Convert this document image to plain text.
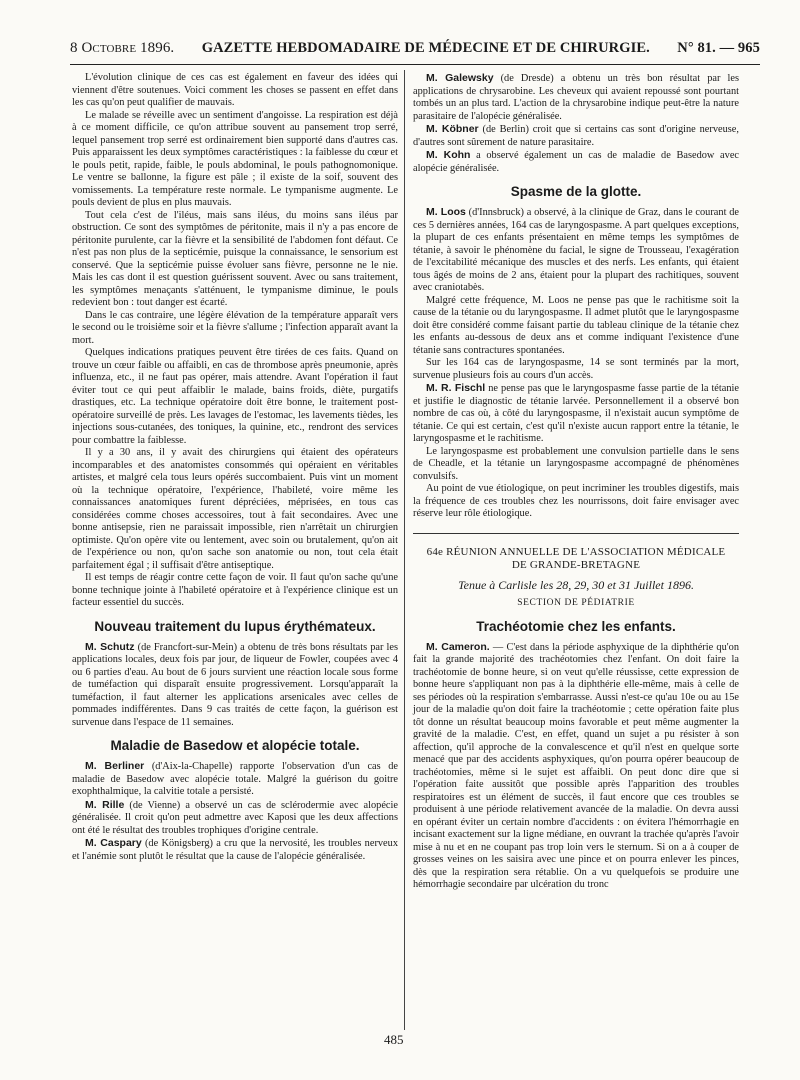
8 Octobre 1896. GAZETTE HEBDOMADAIRE DE MÉDECINE ET DE CHIRURGIE. N° 81. — 965

L'évolution clinique de ces cas est également en faveur des idées qui viennent d'être soutenues. Voici comment les choses se passent en effet dans les cas qu'on peut qualifier de mauvais.

Le malade se réveille avec un sentiment d'angoisse. La respiration est déjà à ce moment difficile, ce qu'on attribue souvent au pansement trop serré, lequel pansement trop serré est ordinairement bien supporté dans d'autres cas. Puis apparaissent les deux symptômes caractéristiques : la faiblesse du cœur et le pouls petit, rapide, faible, le pouls abdominal, le pouls pathognomonique. Le ventre se ballonne, la figure est pâle ; il existe de la soif, souvent des vomissements. La température reste normale. Le tympanisme augmente. Le pouls devient de plus en plus mauvais.

Tout cela c'est de l'iléus, mais sans iléus, du moins sans iléus par obstruction. Ce sont des symptômes de péritonite, mais il n'y a pas encore de péritonite purulente, car la fièvre et la sensibilité de l'abdomen font défaut. Ce n'est pas non plus de la septicémie, puisque la connaissance, le sensorium est conservé. Que la septicémie puisse évoluer sans fièvre, personne ne le nie. Mais les cas dont il est question guérissent souvent. Avec ou sans traitement, les symptômes menaçants s'atténuent, le tympanisme diminue, le pouls redevient bon : tout danger est écarté.

Dans le cas contraire, une légère élévation de la température apparaît vers le second ou le troisième soir et la fièvre s'allume ; l'infection apparaît avant la mort.

Quelques indications pratiques peuvent être tirées de ces faits. Quand on trouve un cœur faible ou affaibli, en cas de thrombose après pneumonie, après influenza, etc., il ne faut pas opérer, mais attendre. Avant l'opération il faut éviter tout ce qui peut affaiblir le malade, bains froids, diète, purgatifs drastiques, etc. La technique opératoire doit être bonne, le traitement post-opératoire surveillé de près. Les lavages de l'estomac, les lavements tièdes, les injections sous-cutanées, des toniques, la quinine, etc., rendront des services pour combattre la faiblesse.

Il y a 30 ans, il y avait des chirurgiens qui étaient des opérateurs incomparables et des anatomistes consommés qui opéraient en véritables artistes, et malgré cela tous leurs opérés succombaient. Puis vint un moment où la technique opératoire, l'expérience, l'habileté, voire même les connaissances anatomiques furent dépréciées, méprisées, en tous cas considérées comme choses accessoires, tout à fait secondaires. Avec une bonne antisepsie, rien ne paraissait impossible, rien n'arrêtait un chirurgien optimiste. Qu'on opère vite ou lentement, avec soin ou brutalement, qu'on ait de l'expérience ou non, qu'on sache son anatomie ou non, tout cela était parfaitement égal ; il suffisait d'être antiseptique.

Il est temps de réagir contre cette façon de voir. Il faut qu'on sache qu'une bonne technique jointe à l'habileté opératoire et à l'expérience clinique est un facteur essentiel du succès.

Nouveau traitement du lupus érythémateux.

M. Schutz (de Francfort-sur-Mein) a obtenu de très bons résultats par les applications locales, deux fois par jour, de liqueur de Fowler, coupées avec 4 ou 6 parties d'eau. Au bout de 6 jours survient une réaction locale sous forme de tuméfaction qui disparaît ensuite progressivement. Lorsqu'apparaît la tuméfaction, il faut alterner les applications arsenicales avec celles de pommades indifférentes. Dans 9 cas traités de cette façon, la guérison est survenue dans l'espace de 11 semaines.

Maladie de Basedow et alopécie totale.

M. Berliner (d'Aix-la-Chapelle) rapporte l'observation d'un cas de maladie de Basedow avec alopécie totale. Malgré la guérison du goitre exophthalmique, la calvitie totale a persisté.

M. Rille (de Vienne) a observé un cas de sclérodermie avec alopécie généralisée. Il croit qu'on peut admettre avec Kaposi que les deux affections ont été le résultat des troubles trophiques d'origine centrale.

M. Caspary (de Königsberg) a cru que la nervosité, les troubles nerveux et l'anémie sont plutôt le résultat que la cause de l'alopécie généralisée.

M. Galewsky (de Dresde) a obtenu un très bon résultat par les applications de chrysarobine. Les cheveux qui avaient repoussé sont pourtant tombés un an plus tard. L'action de la chrysarobine indique peut-être la nature parasitaire de l'alopécie généralisée.

M. Köbner (de Berlin) croit que si certains cas sont d'origine nerveuse, d'autres sont sûrement de nature parasitaire.

M. Kohn a observé également un cas de maladie de Basedow avec alopécie généralisée.

Spasme de la glotte.

M. Loos (d'Innsbruck) a observé, à la clinique de Graz, dans le courant de ces 5 dernières années, 164 cas de laryngospasme. A part quelques exceptions, la plupart de ces enfants présentaient en même temps les symptômes de tétanie, à savoir le phénomène du facial, le signe de Trousseau, l'exagération de l'excitabilité mécanique des muscles et des nerfs. Les enfants, qui étaient tous âgés de moins de 2 ans, étaient pour la plupart des rachitiques, souvent avec craniotabès.

Malgré cette fréquence, M. Loos ne pense pas que le rachitisme soit la cause de la tétanie ou du laryngospasme. Il admet plutôt que le laryngospasme doit être considéré comme faisant partie du tableau clinique de la tétanie chez les enfants au-dessous de deux ans et comme indiquant l'existence d'une tétanie sans contractures spontanées.

Sur les 164 cas de laryngospasme, 14 se sont terminés par la mort, survenue plusieurs fois au cours d'un accès.

M. R. Fischl ne pense pas que le laryngospasme fasse partie de la tétanie et justifie le diagnostic de tétanie larvée. Personnellement il a observé bon nombre de cas où, à côté du laryngospasme, il n'existait aucun symptôme de tétanie. Ce qui est certain, c'est qu'il n'existe aucun rapport entre la tétanie, le laryngospasme et le rachitisme.

Le laryngospasme est probablement une convulsion partielle dans le sens de Cheadle, et la tétanie un laryngospasme accompagné de phénomènes convulsifs.

Au point de vue étiologique, on peut incriminer les troubles digestifs, mais la fréquence de ces troubles chez les nourrissons, doit faire envisager avec réserve leur rôle étiologique.

64e RÉUNION ANNUELLE DE L'ASSOCIATION MÉDICALE
DE GRANDE-BRETAGNE
Tenue à Carlisle les 28, 29, 30 et 31 Juillet 1896.
SECTION DE PÉDIATRIE
Trachéotomie chez les enfants.

M. Cameron. — C'est dans la période asphyxique de la diphthérie qu'on fait la grande majorité des trachéotomies chez l'enfant. On doit faire la trachéotomie de bonne heure, si on veut qu'elle réussisse, cette expression de bonne heure s'appliquant non pas à la diphthérie elle-même, mais à celle de ses périodes où la respiration s'embarrasse. Aussi n'est-ce qu'au 10e ou au 15e jour de la maladie qu'on doit faire la trachéotomie ; cette opération faite plus tôt donne un résultat beaucoup moins favorable et peut même augmenter la gravité de la maladie. C'est, en effet, quand un sujet a pu résister à son affection, qu'il approche de la convalescence et qu'il n'est en quelque sorte menacé que par des accidents asphyxiques, qu'on pourra opérer beaucoup de trachéotomies, même si le sujet est affaibli. On peut donc dire que si l'opération faite aussitôt que possible après l'apparition des troubles respiratoires est un élément de succès, il faut encore que ces troubles se produisent à une période relativement avancée de la maladie. On devra aussi en opérant éviter un certain nombre d'accidents : on évitera l'hémorrhagie en incisant exactement sur la ligne médiane, en ouvrant la trachée qu'après l'avoir mise à nu et en ne coupant pas trop loin vers le sternum. Si on a à couper de grosses veines on les saisira avec une pince et on pourra enlever les pinces, dès que la respiration sera rétablie. On a vu quelquefois se produire une hémorrhagie secondaire par ulcération du tronc

485
